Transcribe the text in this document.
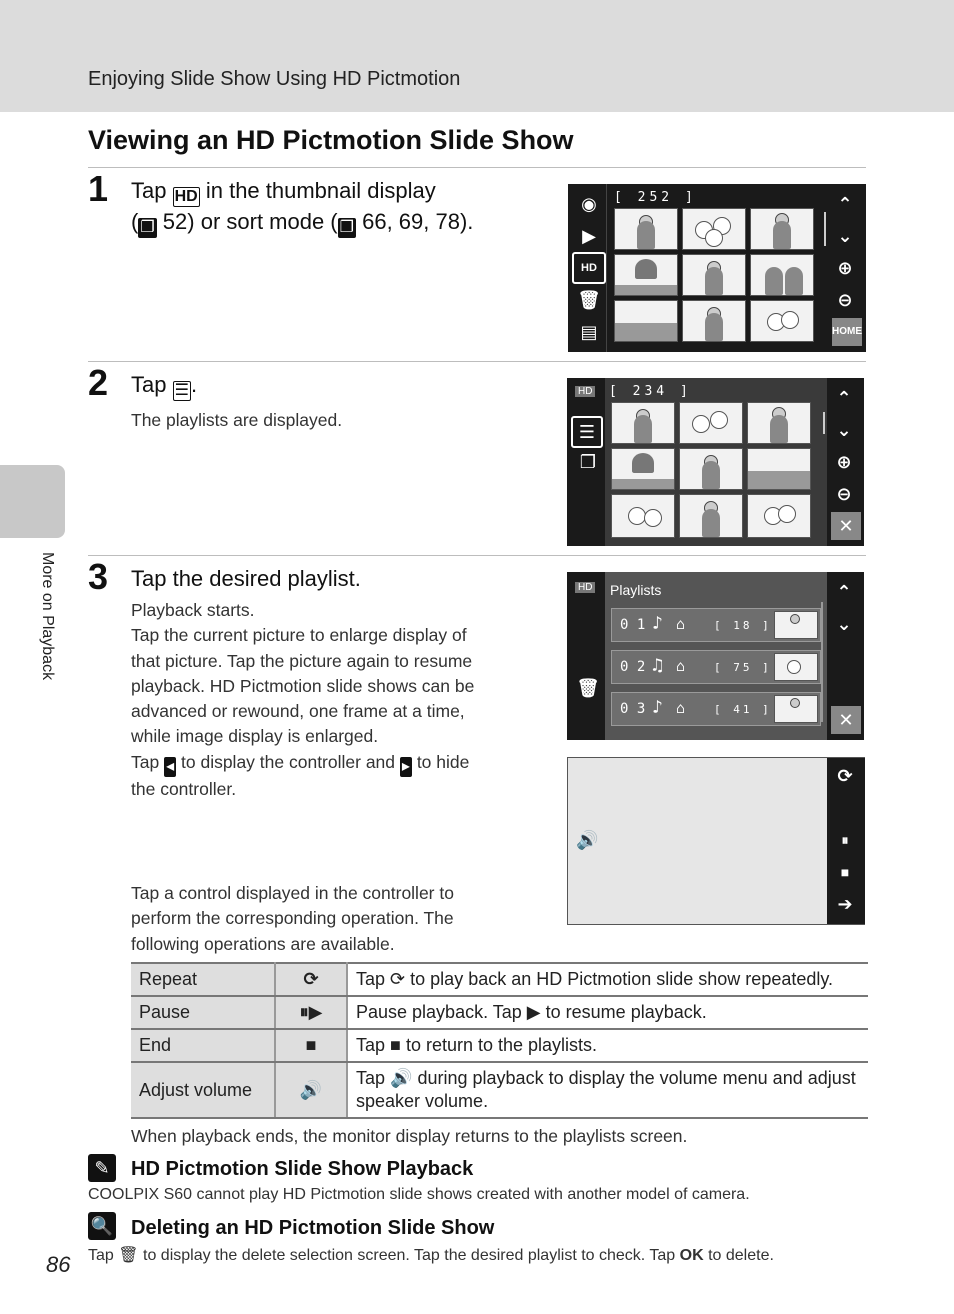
Enjoying Slide Show Using HD Pictmotion
Viewing an HD Pictmotion Slide Show
More on Playback
1 Tap HD in the thumbnail display
( ❐ 52) or sort mode ( ❐ 66, 69, 78).
[ 252 ]
◉
▶
HD
🗑
▤
⌃
⌄
⊕
⊖
HOME
2 Tap ☰.
The playlists are displayed.
HD [ 234 ]
☰
❐
⌃
⌄
⊕
⊖
✕
3 Tap the desired playlist.
Playback starts.
Tap the current picture to enlarge display of
that picture. Tap the picture again to resume
playback. HD Pictmotion slide shows can be
advanced or rewound, one frame at a time,
while image display is enlarged.
Tap ◂ to display the controller and ▸ to hide
the controller.
Tap a control displayed in the controller to
perform the corresponding operation. The
following operations are available.
HD Playlists
🗑
⌃
⌄
✕
0 1 ♪ ⌂	[ 18 ]
0 2 ♫ ⌂	[ 75 ]
0 3 ♪ ⌂	[ 41 ]
🔊
⟳
⏸
■
➔
Repeat	⟳	Tap ⟳ to play back an HD Pictmotion slide show repeatedly.
Pause	⏸▶	Pause playback. Tap ▶ to resume playback.
End	■	Tap ■ to return to the playlists.
Adjust volume	🔊	Tap 🔊 during playback to display the volume menu and adjust speaker volume.
When playback ends, the monitor display returns to the playlists screen.
✎	HD Pictmotion Slide Show Playback
COOLPIX S60 cannot play HD Pictmotion slide shows created with another model of camera.
🔍 Deleting an HD Pictmotion Slide Show
Tap 🗑 to display the delete selection screen. Tap the desired playlist to check. Tap OK to delete.
86
